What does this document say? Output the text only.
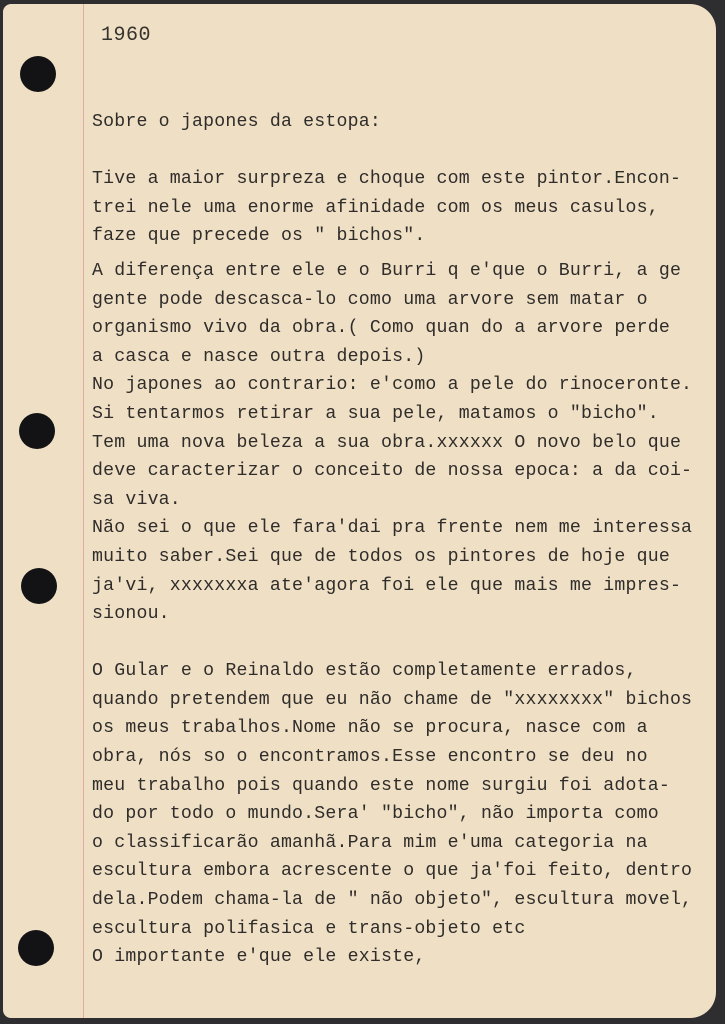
1960
Sobre o japones da estopa:
Tive a maior surpreza e choque com este pintor.Encon-
trei nele uma enorme afinidade com os meus casulos,
faze que precede os " bichos".
A diferença entre ele e o Burri q e'que o Burri, a ge
gente pode descasca-lo como uma arvore sem matar o
organismo vivo da obra.( Como quan do a arvore perde
a casca e nasce outra depois.)
No japones ao contrario: e'como a pele do rinoceronte.
Si tentarmos retirar a sua pele, matamos o "bicho".
Tem uma nova beleza a sua obra.xxxxxx O novo belo que
deve caracterizar o conceito de nossa epoca: a da coi-
sa viva.
Não sei o que ele fara'dai pra frente nem me interessa
muito saber.Sei que de todos os pintores de hoje que
ja'vi, xxxxxxxa ate'agora foi ele que mais me impres-
sionou.
O Gular e o Reinaldo estão completamente errados,
quando pretendem que eu não chame de "xxxxxxxx" bichos
os meus trabalhos.Nome não se procura, nasce com a
obra, nós so o encontramos.Esse encontro se deu no
meu trabalho pois quando este nome surgiu foi adota-
do por todo o mundo.Sera' "bicho", não importa como
o classificarão amanhã.Para mim e'uma categoria na
escultura embora acrescente o que ja'foi feito, dentro
dela.Podem chama-la de " não objeto", escultura movel,
escultura polifasica e trans-objeto etc
O importante e'que ele existe,
